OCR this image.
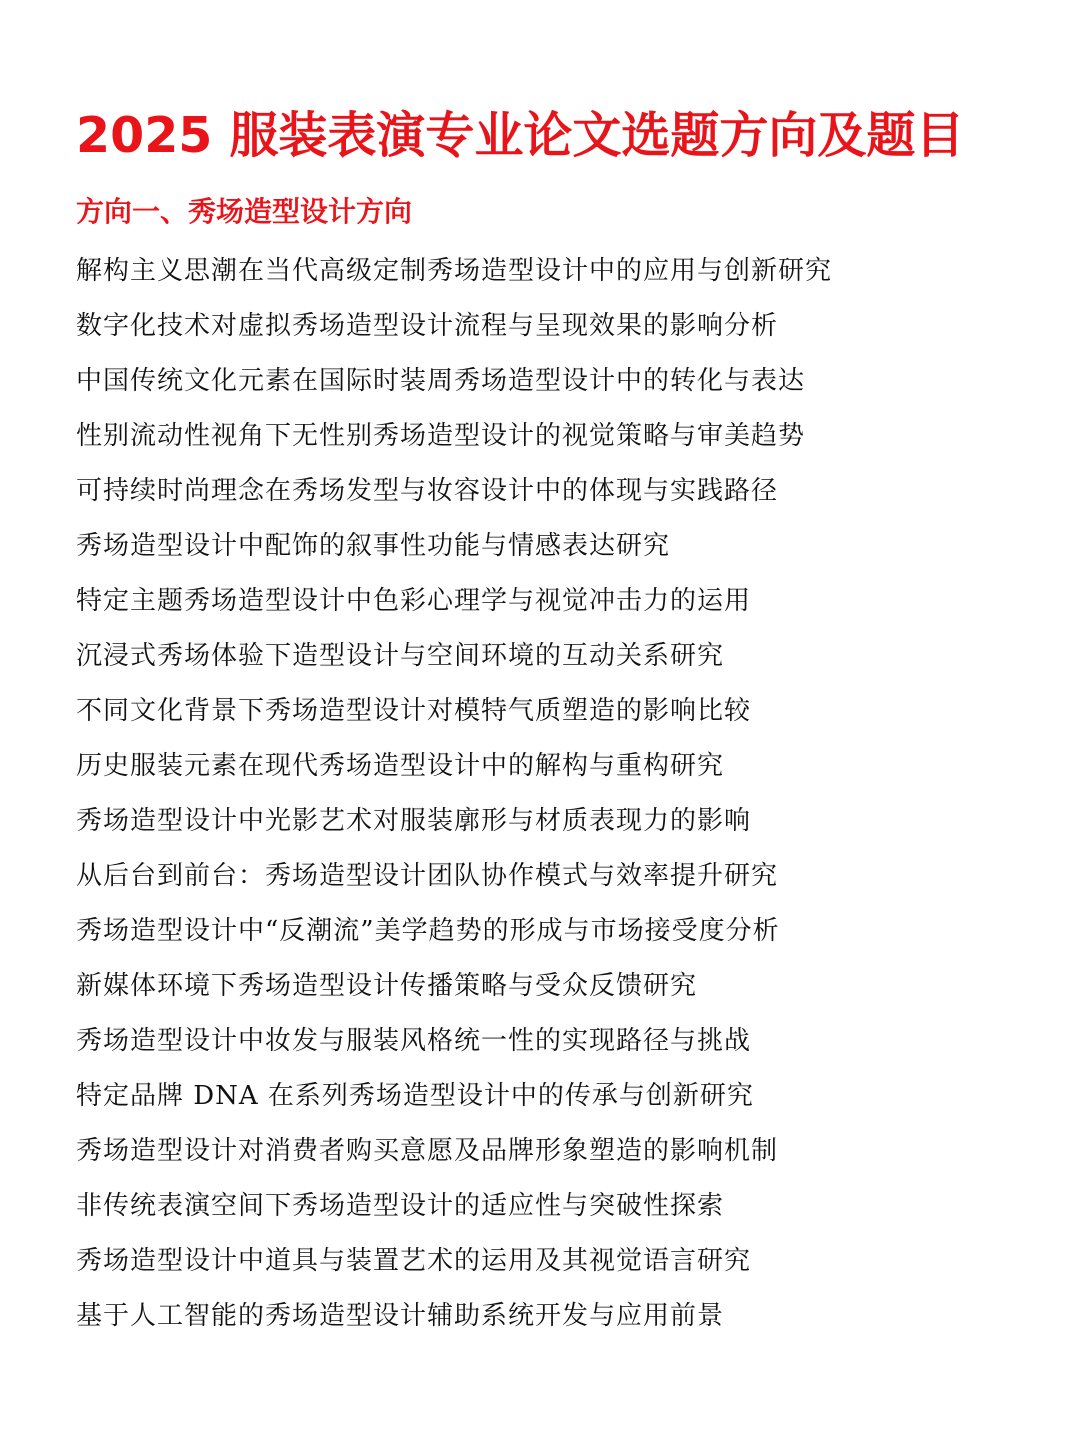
2025 服装表演专业论文选题方向及题目
方向一、秀场造型设计方向
解构主义思潮在当代高级定制秀场造型设计中的应用与创新研究
数字化技术对虚拟秀场造型设计流程与呈现效果的影响分析
中国传统文化元素在国际时装周秀场造型设计中的转化与表达
性别流动性视角下无性别秀场造型设计的视觉策略与审美趋势
可持续时尚理念在秀场发型与妆容设计中的体现与实践路径
秀场造型设计中配饰的叙事性功能与情感表达研究
特定主题秀场造型设计中色彩心理学与视觉冲击力的运用
沉浸式秀场体验下造型设计与空间环境的互动关系研究
不同文化背景下秀场造型设计对模特气质塑造的影响比较
历史服装元素在现代秀场造型设计中的解构与重构研究
秀场造型设计中光影艺术对服装廓形与材质表现力的影响
从后台到前台：秀场造型设计团队协作模式与效率提升研究
秀场造型设计中“反潮流”美学趋势的形成与市场接受度分析
新媒体环境下秀场造型设计传播策略与受众反馈研究
秀场造型设计中妆发与服装风格统一性的实现路径与挑战
特定品牌 DNA 在系列秀场造型设计中的传承与创新研究
秀场造型设计对消费者购买意愿及品牌形象塑造的影响机制
非传统表演空间下秀场造型设计的适应性与突破性探索
秀场造型设计中道具与装置艺术的运用及其视觉语言研究
基于人工智能的秀场造型设计辅助系统开发与应用前景
